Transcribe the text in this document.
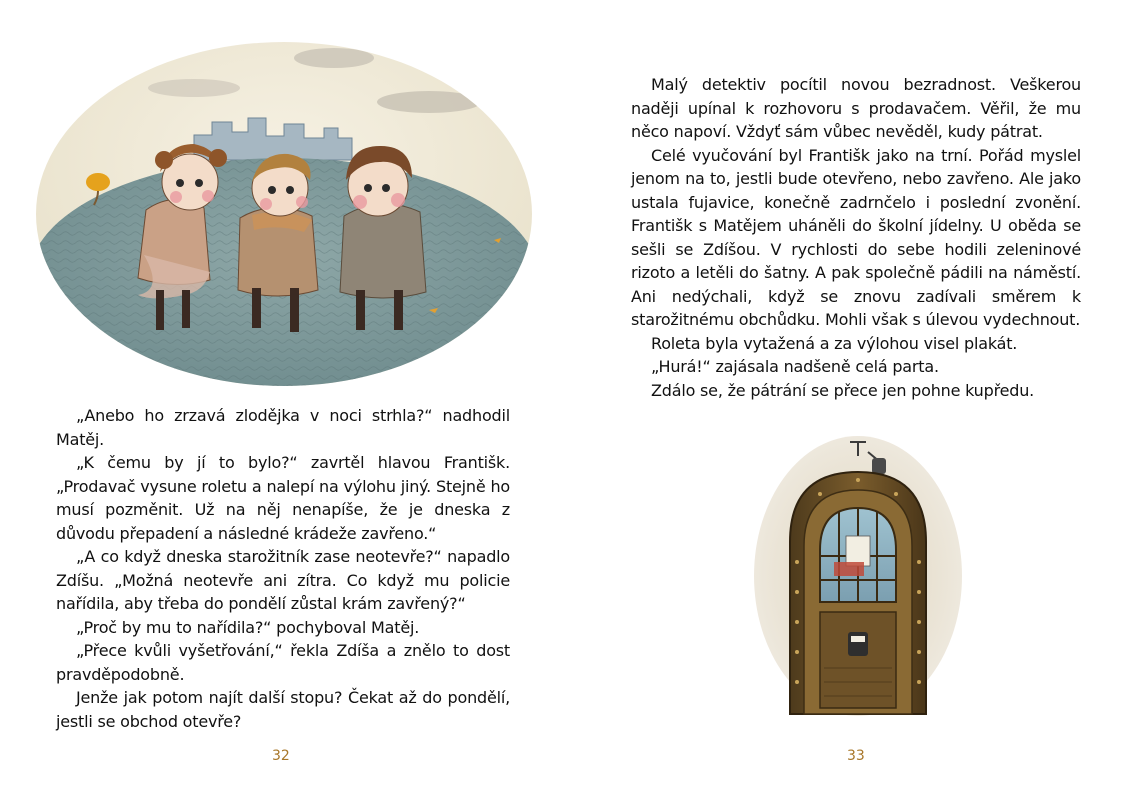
„Anebo ho zrzavá zlodějka v noci strhla?“ nadhodil Matěj.

„K čemu by jí to bylo?“ zavrtěl hlavou Františk. „Prodavač vysune roletu a nalepí na výlohu jiný. Stejně ho musí pozměnit. Už na něj nenapíše, že je dneska z důvodu přepadení a následné krádeže zavřeno.“

„A co když dneska starožitník zase neotevře?“ napadlo Zdíšu. „Možná neotevře ani zítra. Co když mu policie nařídila, aby třeba do pondělí zůstal krám zavřený?“

„Proč by mu to nařídila?“ pochyboval Matěj.

„Přece kvůli vyšetřování,“ řekla Zdíša a znělo to dost pravděpodobně.

Jenže jak potom najít další stopu? Čekat až do pondělí, jestli se obchod otevře?

32

Malý detektiv pocítil novou bezradnost. Veškerou naději upínal k rozhovoru s prodavačem. Věřil, že mu něco napoví. Vždyť sám vůbec nevěděl, kudy pátrat.

Celé vyučování byl Františk jako na trní. Pořád myslel jenom na to, jestli bude otevřeno, nebo zavřeno. Ale jako ustala fujavice, konečně zadrnčelo i poslední zvonění. Františk s Matějem uháněli do školní jídelny. U oběda se sešli se Zdíšou. V rychlosti do sebe hodili zeleninové rizoto a letěli do šatny. A pak společně pádili na náměstí. Ani nedýchali, když se znovu zadívali směrem k starožitnému obchůdku. Mohli však s úlevou vydechnout.

Roleta byla vytažená a za výlohou visel plakát.

„Hurá!“ zajásala nadšeně celá parta.

Zdálo se, že pátrání se přece jen pohne kupředu.

33
